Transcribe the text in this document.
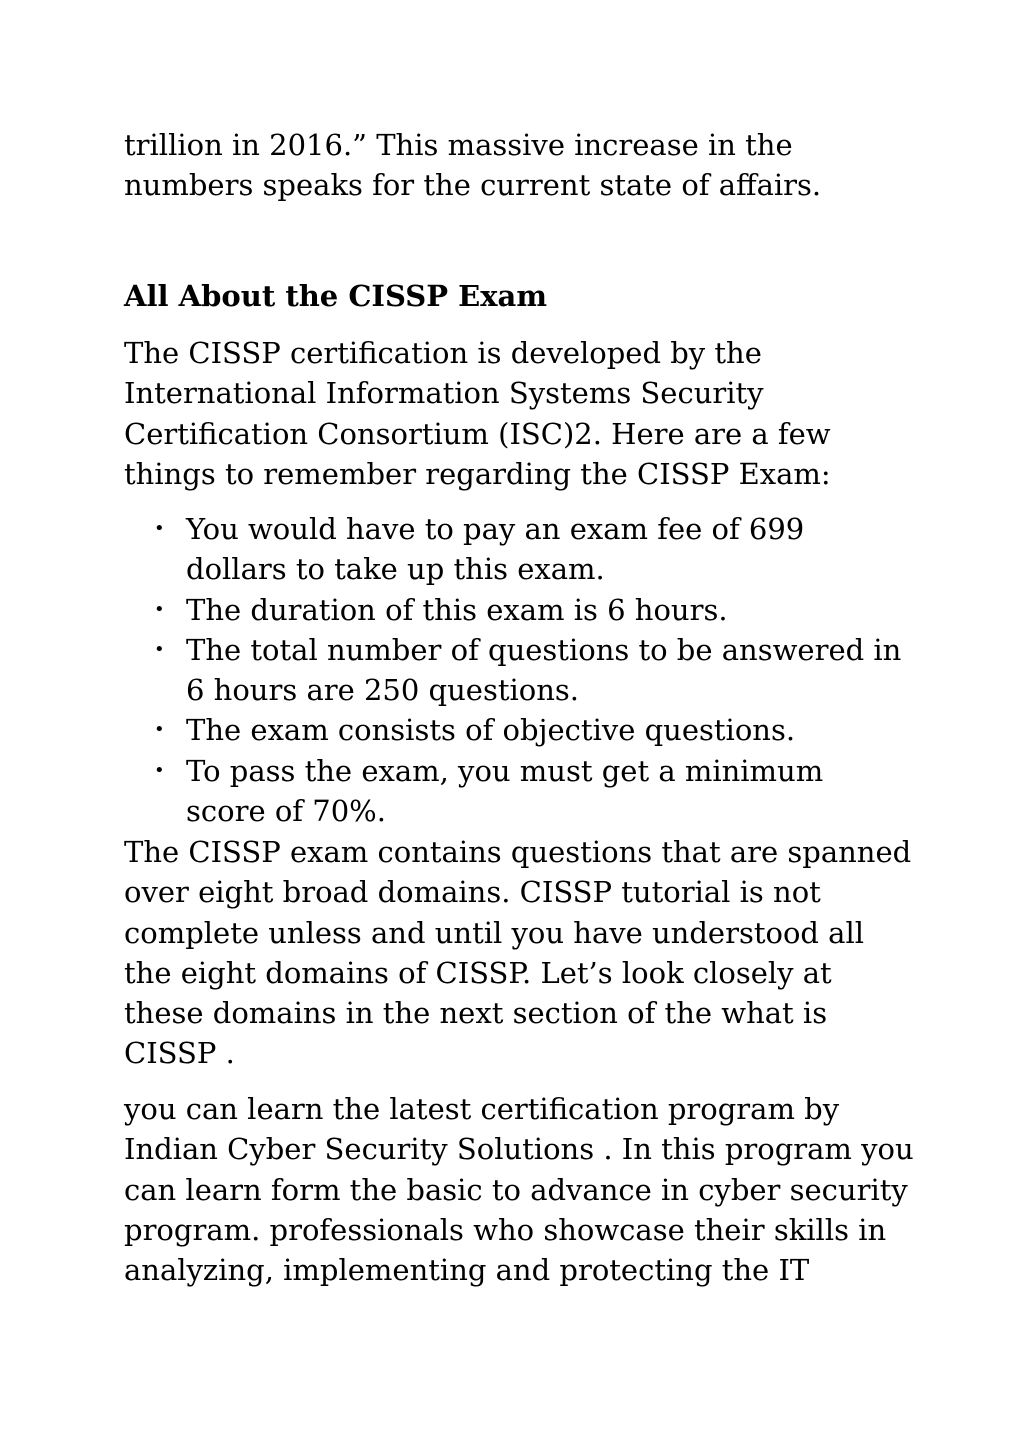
trillion in 2016.” This massive increase in the
numbers speaks for the current state of affairs.
All About the CISSP Exam
The CISSP certification is developed by the
International Information Systems Security
Certification Consortium (ISC)2. Here are a few
things to remember regarding the CISSP Exam:
• You would have to pay an exam fee of 699
dollars to take up this exam.
• The duration of this exam is 6 hours.
• The total number of questions to be answered in
6 hours are 250 questions.
• The exam consists of objective questions.
• To pass the exam, you must get a minimum
score of 70%.
The CISSP exam contains questions that are spanned
over eight broad domains. CISSP tutorial is not
complete unless and until you have understood all
the eight domains of CISSP. Let’s look closely at
these domains in the next section of the what is
CISSP .
you can learn the latest certification program by
Indian Cyber Security Solutions . In this program you
can learn form the basic to advance in cyber security
program. professionals who showcase their skills in
analyzing, implementing and protecting the IT
